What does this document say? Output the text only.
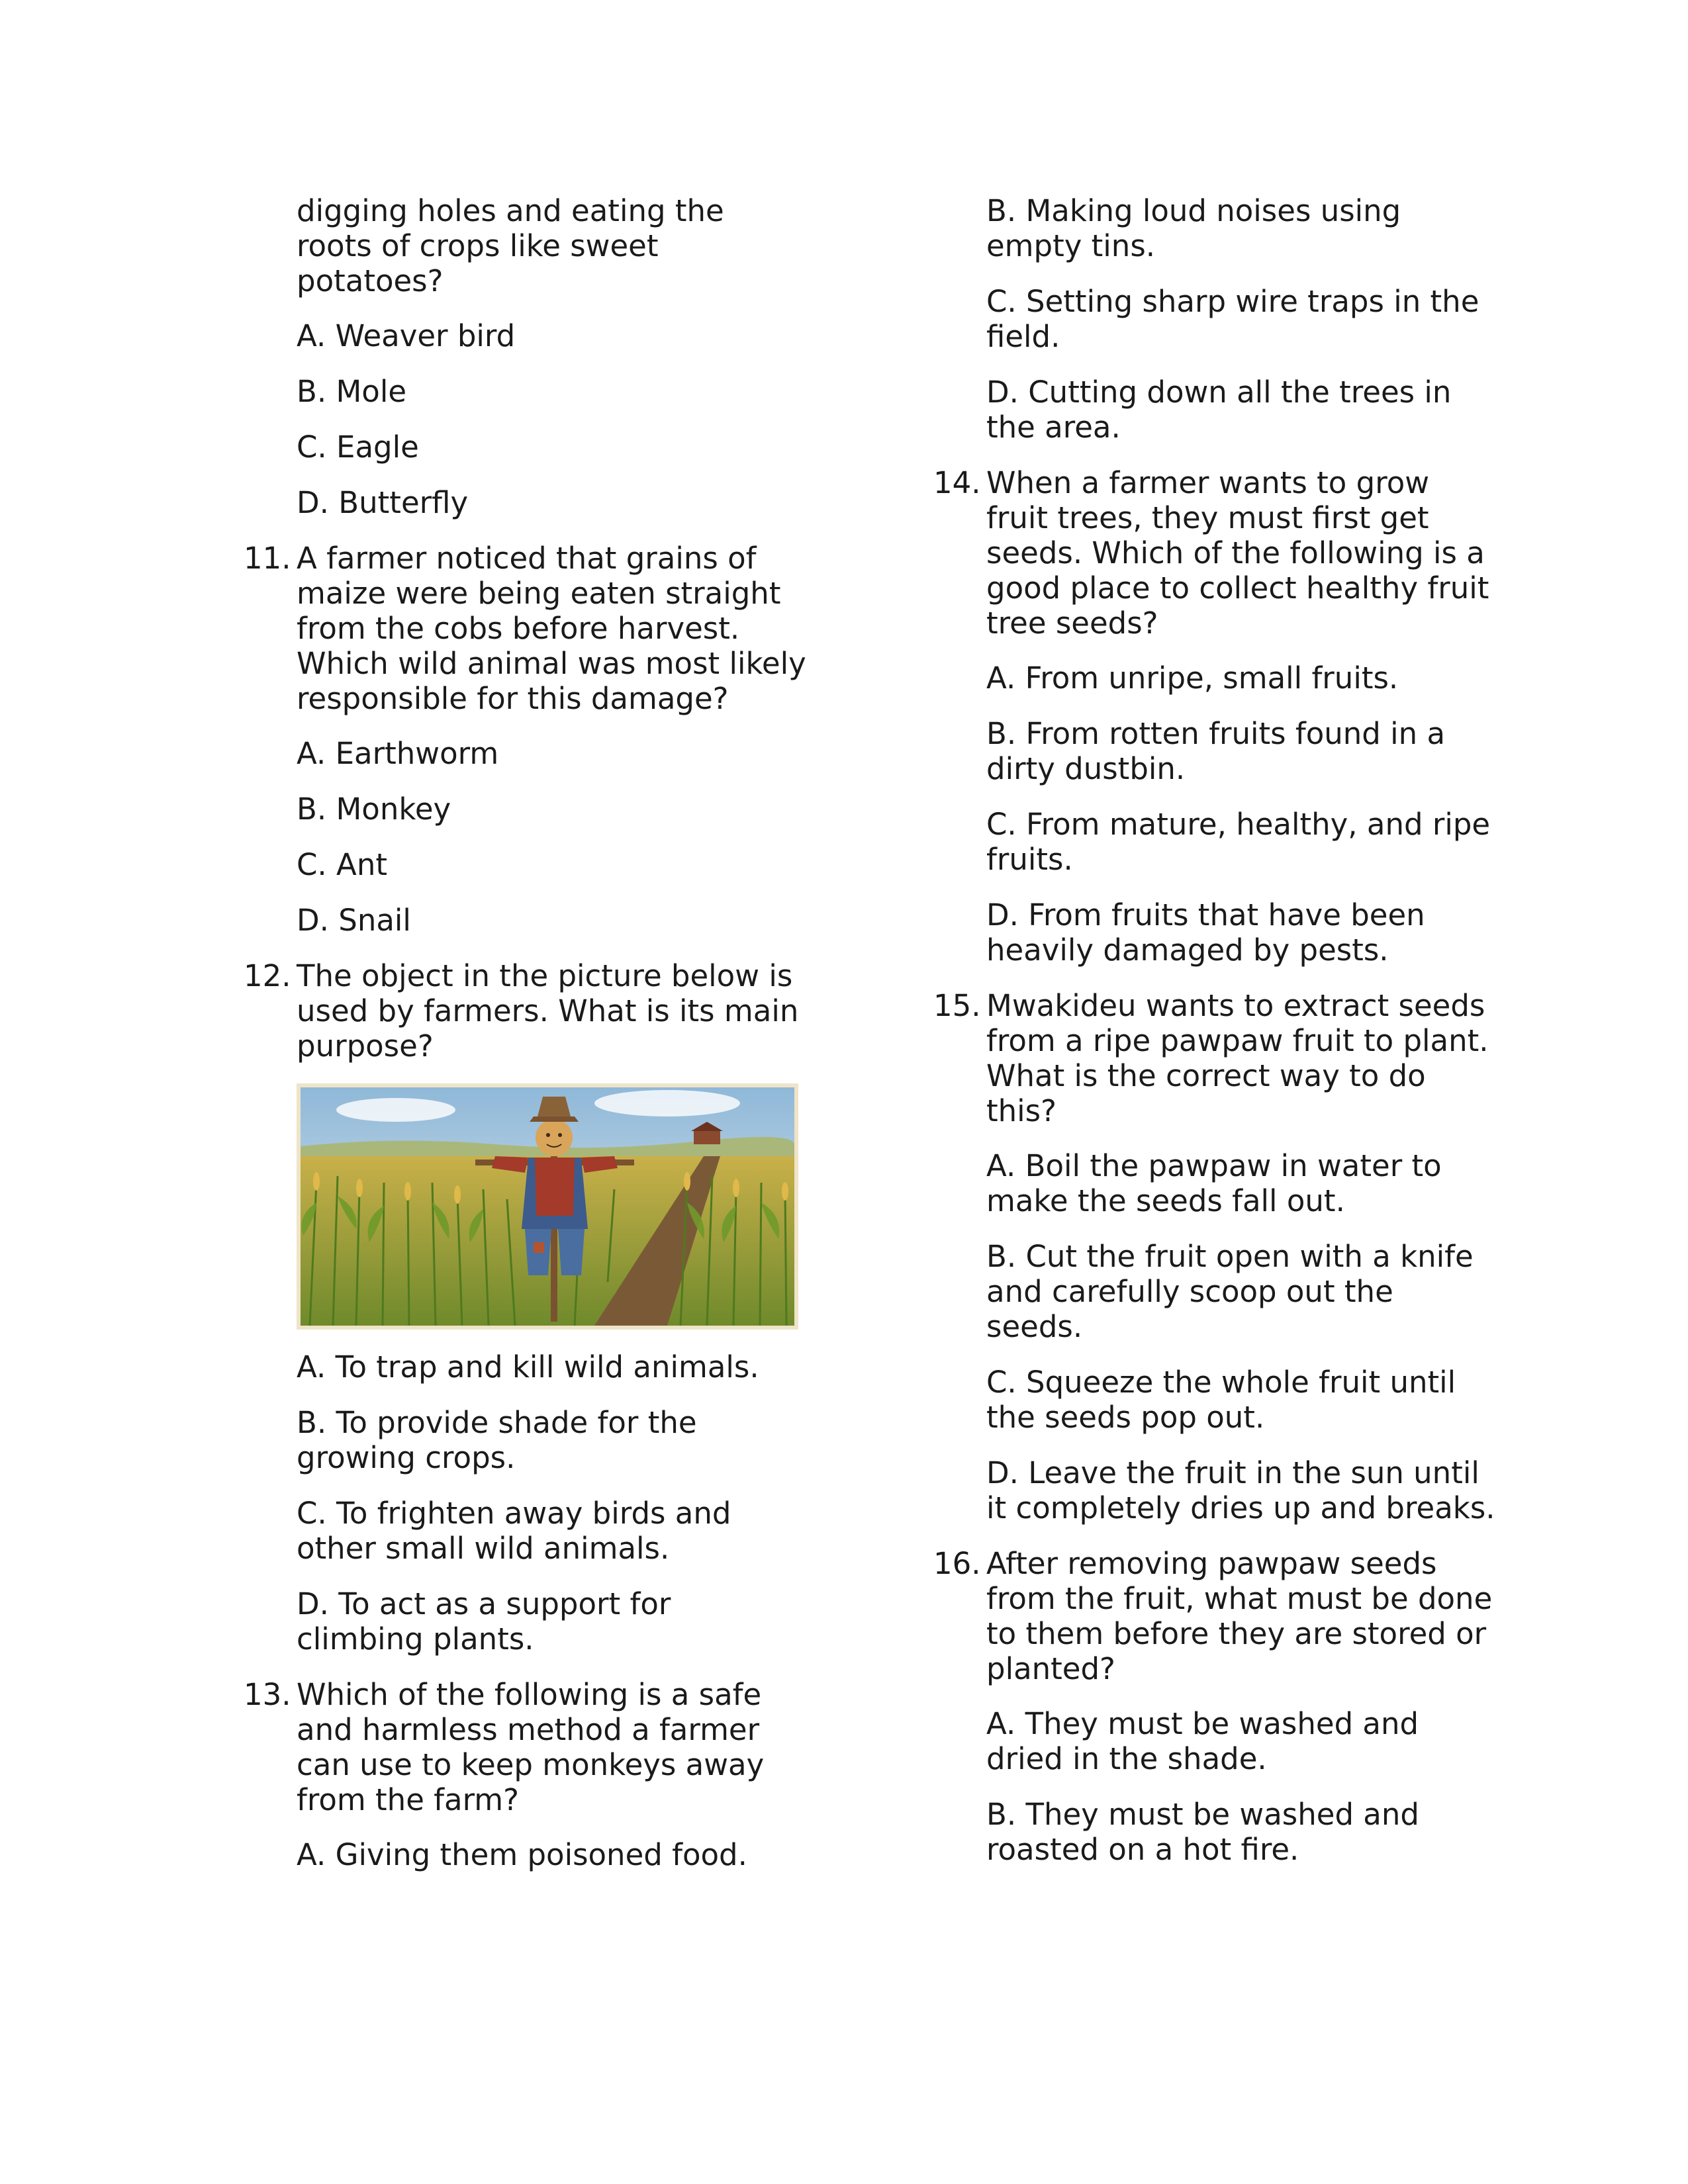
digging holes and eating the roots of crops like sweet potatoes?
A. Weaver bird
B. Mole
C. Eagle
D. Butterfly
11. A farmer noticed that grains of maize were being eaten straight from the cobs before harvest. Which wild animal was most likely responsible for this damage?
A. Earthworm
B. Monkey
C. Ant
D. Snail
12. The object in the picture below is used by farmers. What is its main purpose?
A. To trap and kill wild animals.
B. To provide shade for the growing crops.
C. To frighten away birds and other small wild animals.
D. To act as a support for climbing plants.
13. Which of the following is a safe and harmless method a farmer can use to keep monkeys away from the farm?
A. Giving them poisoned food.
B. Making loud noises using empty tins.
C. Setting sharp wire traps in the field.
D. Cutting down all the trees in the area.
14. When a farmer wants to grow fruit trees, they must first get seeds. Which of the following is a good place to collect healthy fruit tree seeds?
A. From unripe, small fruits.
B. From rotten fruits found in a dirty dustbin.
C. From mature, healthy, and ripe fruits.
D. From fruits that have been heavily damaged by pests.
15. Mwakideu wants to extract seeds from a ripe pawpaw fruit to plant. What is the correct way to do this?
A. Boil the pawpaw in water to make the seeds fall out.
B. Cut the fruit open with a knife and carefully scoop out the seeds.
C. Squeeze the whole fruit until the seeds pop out.
D. Leave the fruit in the sun until it completely dries up and breaks.
16. After removing pawpaw seeds from the fruit, what must be done to them before they are stored or planted?
A. They must be washed and dried in the shade.
B. They must be washed and roasted on a hot fire.
